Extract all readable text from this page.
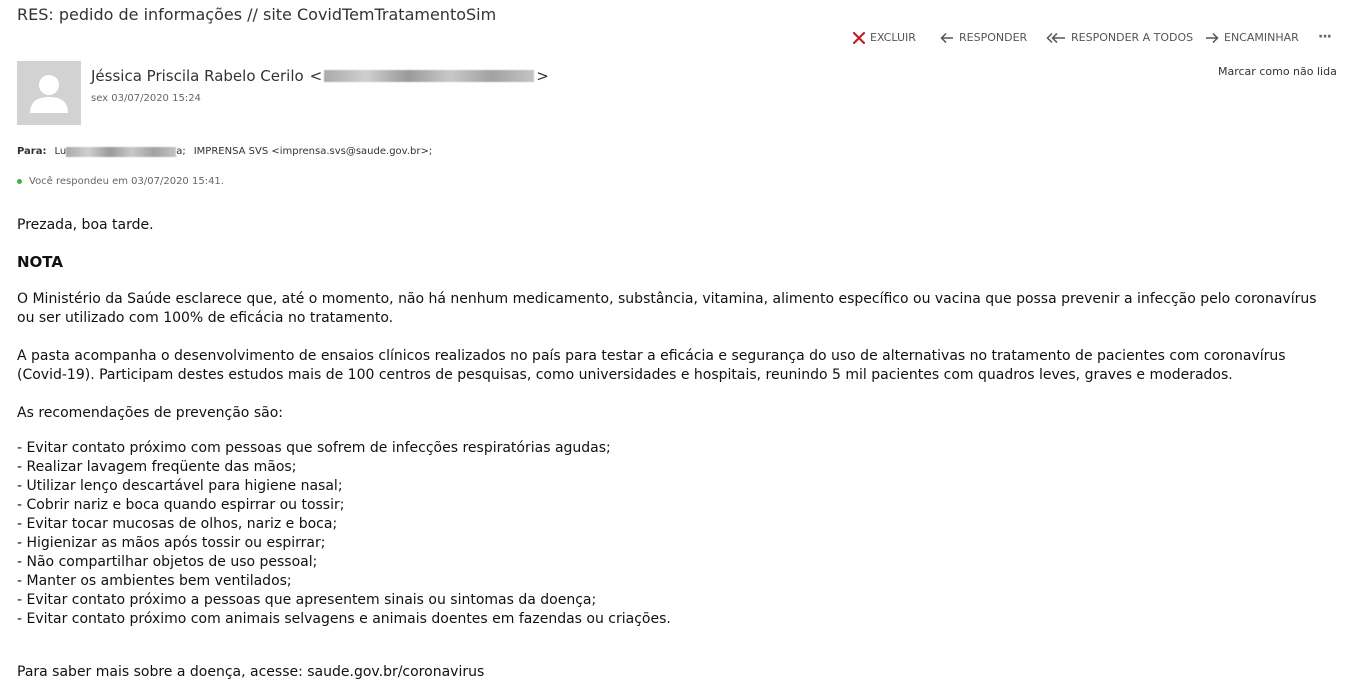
RES: pedido de informações // site CovidTemTratamentoSim
EXCLUIR	RESPONDER	RESPONDER A TODOS	ENCAMINHAR ···
Jéssica Priscila Rabelo Cerilo <	>
sex 03/07/2020 15:24
Marcar como não lida
Para: Lu	a; IMPRENSA SVS <imprensa.svs@saude.gov.br>;
Você respondeu em 03/07/2020 15:41.

Prezada, boa tarde.

NOTA

O Ministério da Saúde esclarece que, até o momento, não há nenhum medicamento, substância, vitamina, alimento específico ou vacina que possa prevenir a infecção pelo coronavírus ou ser utilizado com 100% de eficácia no tratamento.

A pasta acompanha o desenvolvimento de ensaios clínicos realizados no país para testar a eficácia e segurança do uso de alternativas no tratamento de pacientes com coronavírus (Covid-19). Participam destes estudos mais de 100 centros de pesquisas, como universidades e hospitais, reunindo 5 mil pacientes com quadros leves, graves e moderados.

As recomendações de prevenção são:

- Evitar contato próximo com pessoas que sofrem de infecções respiratórias agudas;
- Realizar lavagem freqüente das mãos;
- Utilizar lenço descartável para higiene nasal;
- Cobrir nariz e boca quando espirrar ou tossir;
- Evitar tocar mucosas de olhos, nariz e boca;
- Higienizar as mãos após tossir ou espirrar;
- Não compartilhar objetos de uso pessoal;
- Manter os ambientes bem ventilados;
- Evitar contato próximo a pessoas que apresentem sinais ou sintomas da doença;
- Evitar contato próximo com animais selvagens e animais doentes em fazendas ou criações.

Para saber mais sobre a doença, acesse: saude.gov.br/coronavirus
